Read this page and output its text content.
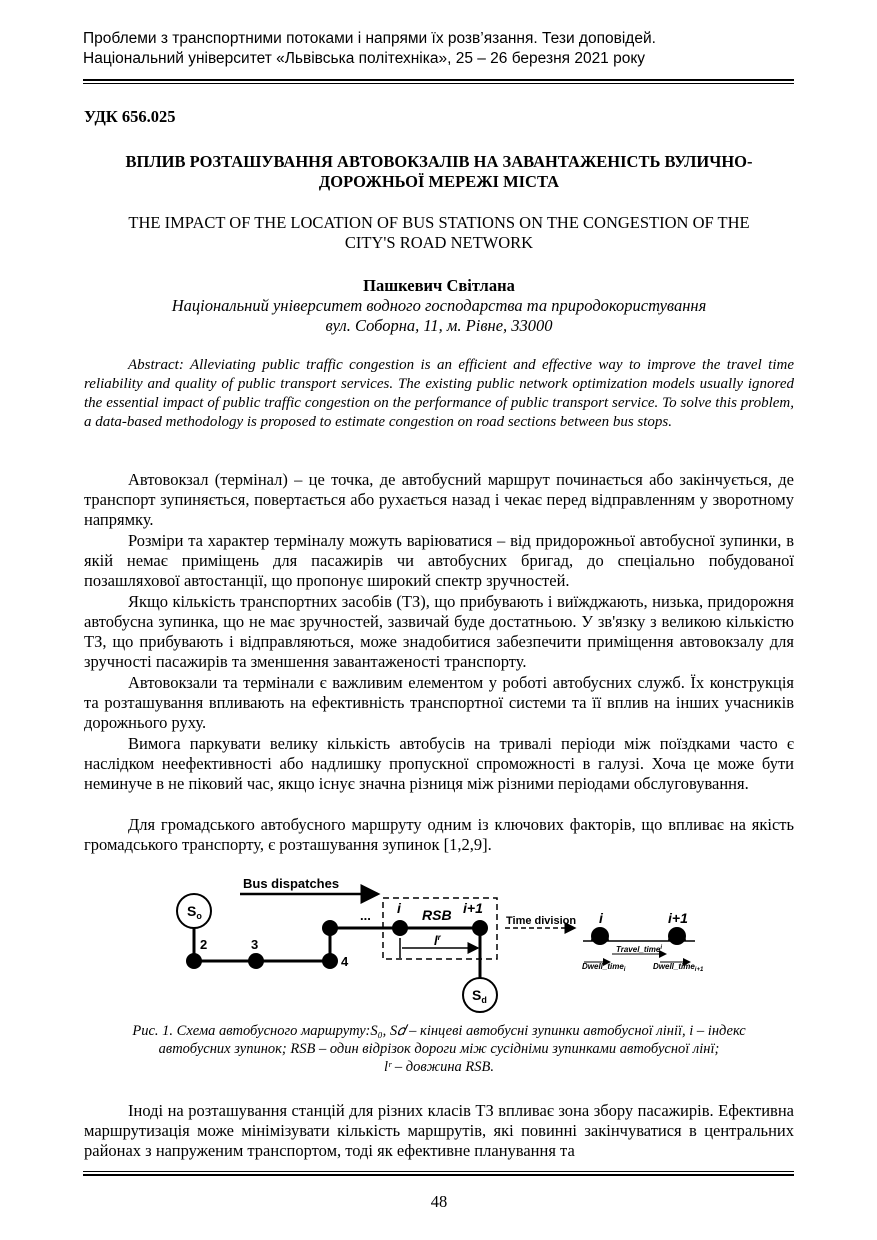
Проблеми з транспортними потоками і напрями їх розв’язання. Тези доповідей.
Національний університет «Львівська політехніка», 25 – 26 березня 2021 року
УДК 656.025
ВПЛИВ РОЗТАШУВАННЯ АВТОВОКЗАЛІВ НА ЗАВАНТАЖЕНІСТЬ ВУЛИЧНО-
ДОРОЖНЬОЇ МЕРЕЖІ МІСТА
THE IMPACT OF THE LOCATION OF BUS STATIONS ON THE CONGESTION OF THE
CITY'S ROAD NETWORK
Пашкевич Світлана
Національний університет водного господарства та природокористування
вул. Соборна, 11, м. Рівне, 33000
Abstract: Alleviating public traffic congestion is an efficient and effective way to improve the travel time reliability and quality of public transport services. The existing public network optimization models usually ignored the essential impact of public traffic congestion on the performance of public transport service. To solve this problem, a data-based methodology is proposed to estimate congestion on road sections between bus stops.
Автовокзал (термінал) – це точка, де автобусний маршрут починається або закінчується, де транспорт зупиняється, повертається або рухається назад і чекає перед відправленням у зворотному напрямку.
Розміри та характер терміналу можуть варіюватися – від придорожньої автобусної зупинки, в якій немає приміщень для пасажирів чи автобусних бригад, до спеціально побудованої позашляхової автостанції, що пропонує широкий спектр зручностей.
Якщо кількість транспортних засобів (ТЗ), що прибувають і виїжджають, низька, придорожня автобусна зупинка, що не має зручностей, зазвичай буде достатньою. У зв'язку з великою кількістю ТЗ, що прибувають і відправляються, може знадобитися забезпечити приміщення автовокзалу для зручності пасажирів та зменшення завантаженості транспорту.
Автовокзали та термінали є важливим елементом у роботі автобусних служб. Їх конструкція та розташування впливають на ефективність транспортної системи та її вплив на інших учасників дорожнього руху.
Вимога паркувати велику кількість автобусів на тривалі періоди між поїздками часто є наслідком неефективності або надлишку пропускної спроможності в галузі. Хоча це може бути неминуче в не піковий час, якщо існує значна різниця між різними періодами обслуговування.
Для громадського автобусного маршруту одним із ключових факторів, що впливає на якість громадського транспорту, є розташування зупинок [1,2,9].
Bus dispatches
$S_o$
2	3
4
... i RSB i+1
$l^r$
$S_d$
Time division i	i+1
Travel_time$^i$
Dwell_time$_i$	Dwell_time$_{i+1}$
Рис. 1. Схема автобусного маршруту:S₀, S𝑑 – кінцеві автобусні зупинки автобусної лінії, і – індекс
автобусних зупинок; RSB – один відрізок дороги між сусідніми зупинками автобусної лінї;
lʳ – довжина RSB.
Іноді на розташування станцій для різних класів ТЗ впливає зона збору пасажирів. Ефективна маршрутизація може мінімізувати кількість маршрутів, які повинні закінчуватися в центральних районах з напруженим транспортом, тоді як ефективне планування та
48
